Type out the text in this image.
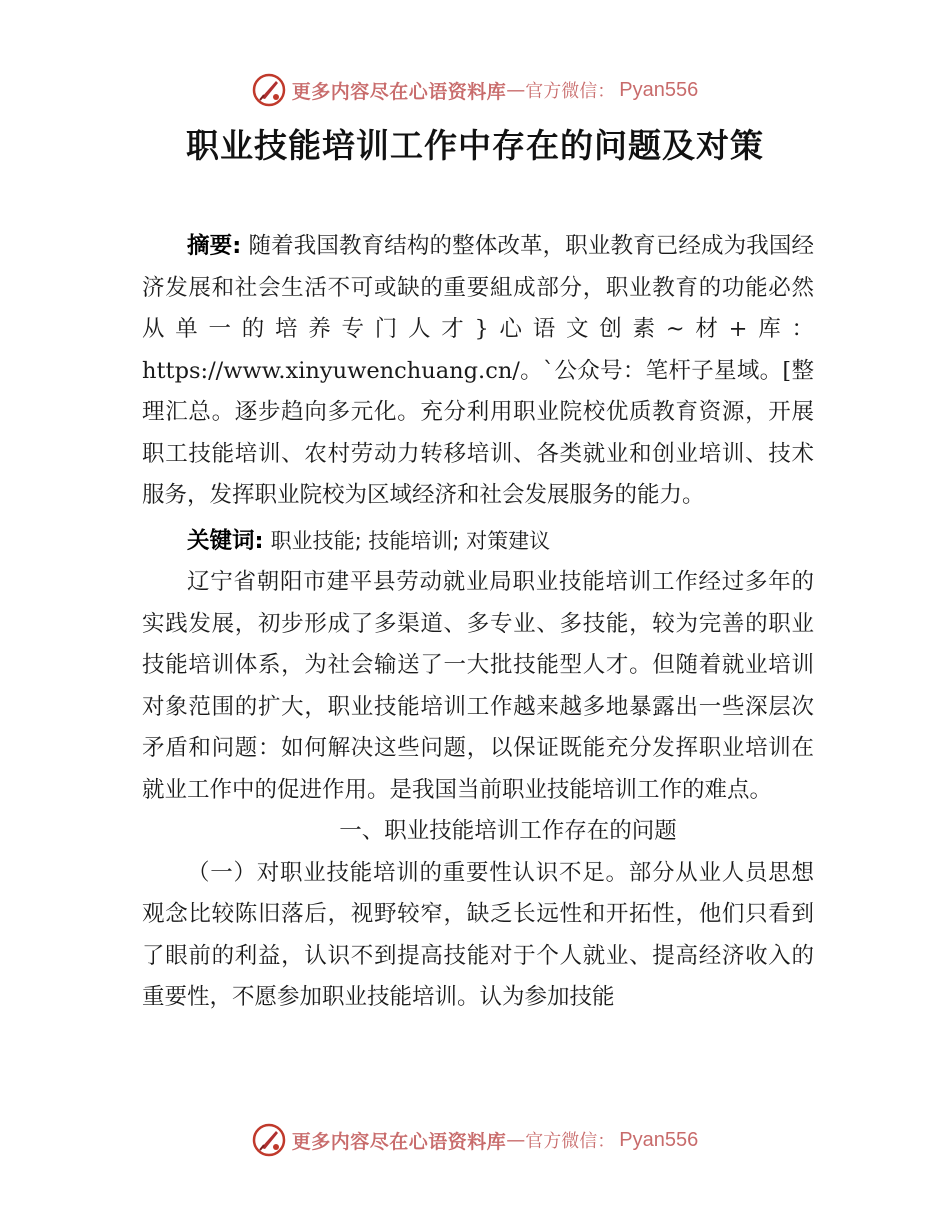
更多内容尽在心语资料库 — 官方微信： Pyan556
职业技能培训工作中存在的问题及对策

摘要: 随着我国教育结构的整体改革，职业教育已经成为我国经济发展和社会生活不可或缺的重要組成部分，职业教育的功能必然从单一的培养专门人才}心语文创素~材+库：https://www.xinyuwenchuang.cn/。`公众号：笔杆子星域。[整理汇总。逐步趋向多元化。充分利用职业院校优质教育资源，开展职工技能培训、农村劳动力转移培训、各类就业和创业培训、技术服务，发挥职业院校为区域经济和社会发展服务的能力。

关键词: 职业技能; 技能培训; 对策建议

辽宁省朝阳市建平县劳动就业局职业技能培训工作经过多年的实践发展，初步形成了多渠道、多专业、多技能，较为完善的职业技能培训体系，为社会输送了一大批技能型人才。但随着就业培训对象范围的扩大，职业技能培训工作越来越多地暴露出一些深层次矛盾和问题：如何解决这些问题，以保证既能充分发挥职业培训在就业工作中的促进作用。是我国当前职业技能培训工作的难点。

一、职业技能培训工作存在的问题

（一）对职业技能培训的重要性认识不足。部分从业人员思想观念比较陈旧落后，视野较窄，缺乏长远性和开拓性，他们只看到了眼前的利益，认识不到提高技能对于个人就业、提高经济收入的重要性，不愿参加职业技能培训。认为参加技能

更多内容尽在心语资料库 — 官方微信： Pyan556
